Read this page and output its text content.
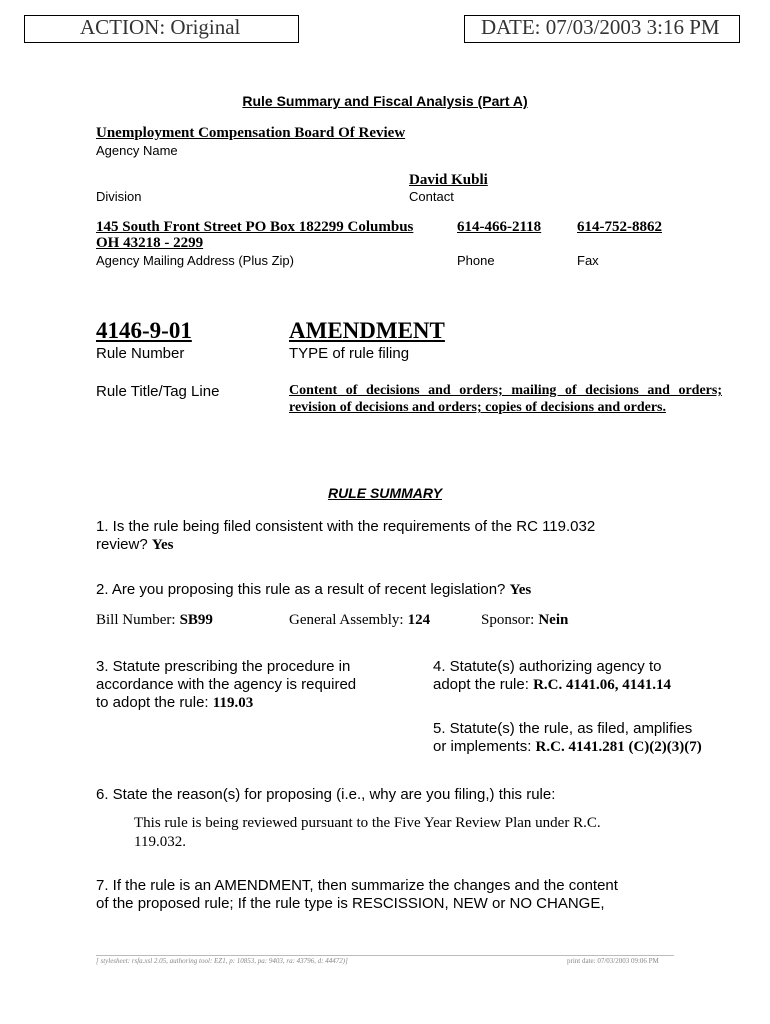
ACTION: Original	DATE: 07/03/2003 3:16 PM
Rule Summary and Fiscal Analysis (Part A)
Unemployment Compensation Board Of Review
Agency Name
David Kubli
Division	Contact
145 South Front Street PO Box 182299 Columbus
OH 43218 - 2299
614-466-2118 614-752-8862
Agency Mailing Address (Plus Zip)	Phone	Fax
4146-9-01	AMENDMENT
Rule Number	TYPE of rule filing
Rule Title/Tag Line	Content of decisions and orders; mailing of decisions and orders; revision of decisions and orders; copies of decisions and orders.
RULE SUMMARY
1. Is the rule being filed consistent with the requirements of the RC 119.032
review? Yes
2. Are you proposing this rule as a result of recent legislation? Yes
Bill Number: SB99	General Assembly: 124	Sponsor: Nein
3. Statute prescribing the procedure in
accordance with the agency is required
to adopt the rule: 119.03
4. Statute(s) authorizing agency to
adopt the rule: R.C. 4141.06, 4141.14
5. Statute(s) the rule, as filed, amplifies
or implements: R.C. 4141.281 (C)(2)(3)(7)
6. State the reason(s) for proposing (i.e., why are you filing,) this rule:
This rule is being reviewed pursuant to the Five Year Review Plan under R.C.
119.032.
7. If the rule is an AMENDMENT, then summarize the changes and the content
of the proposed rule; If the rule type is RESCISSION, NEW or NO CHANGE,
[ stylesheet: rsfa.xsl 2.05, authoring tool: EZ1, p: 10853, pa: 9403, ra: 43796, d: 44472)]	print date: 07/03/2003 09:06 PM
